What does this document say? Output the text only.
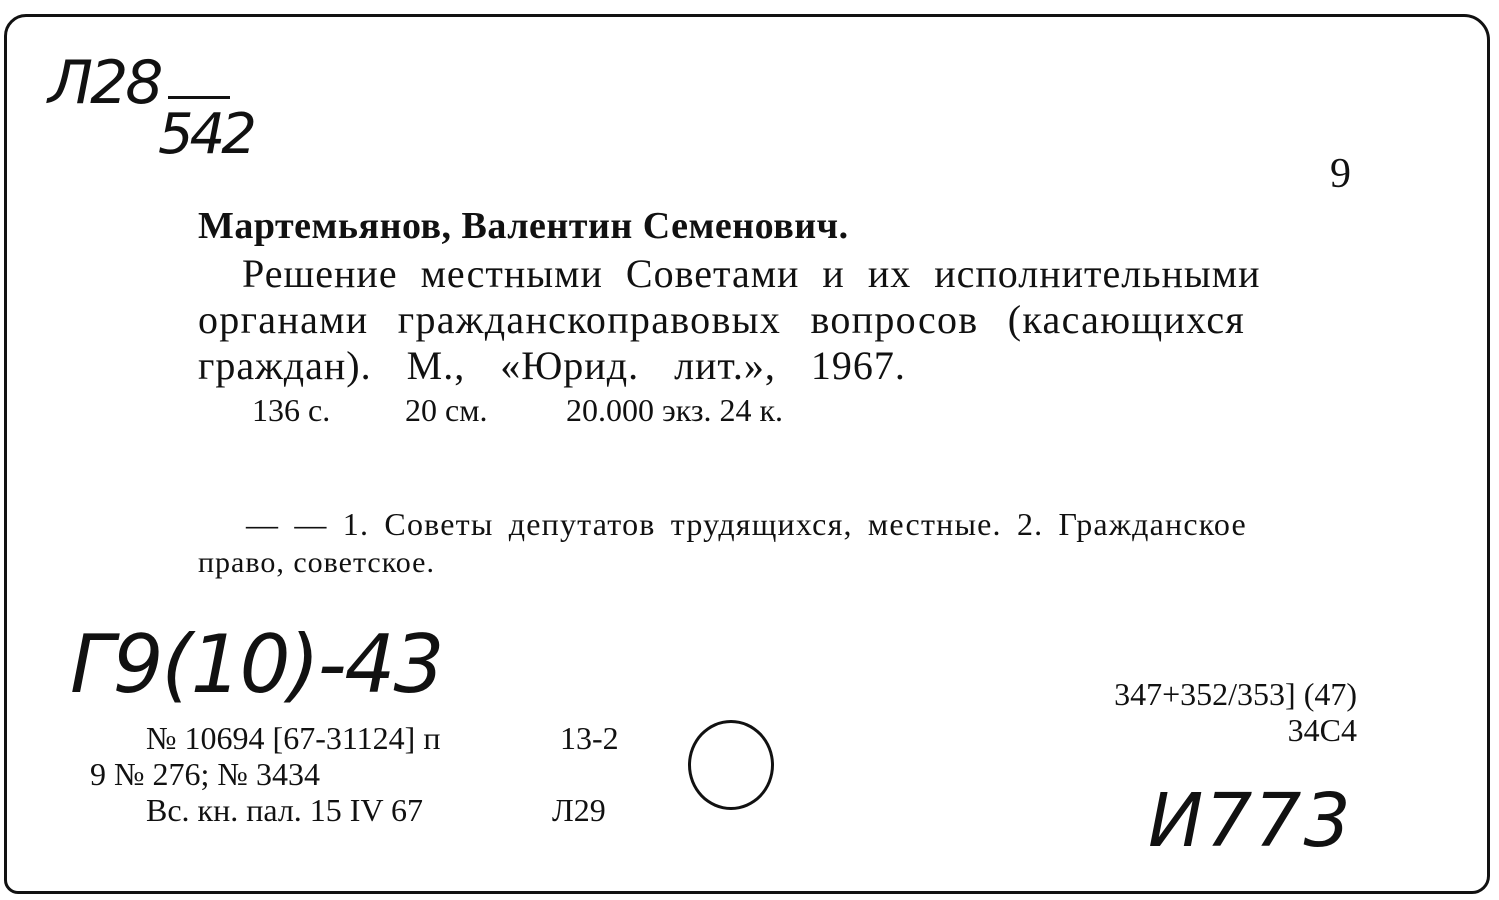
Л28
542
9
Мартемьянов, Валентин Семенович.
Решение местными Советами и их исполнительными
органами гражданскоправовых вопросов (касающихся
граждан). М., «Юрид. лит.», 1967.
136 с. 20 см. 20.000 экз. 24 к.
— — 1. Советы депутатов трудящихся, местные. 2. Гражданское
право, советское.
Г9(10)-43
№ 10694 [67-31124] п
9 № 276; № 3434
Вс. кн. пал. 15 IV 67
13-2
Л29
347+352/353] (47)
34С4
И773
